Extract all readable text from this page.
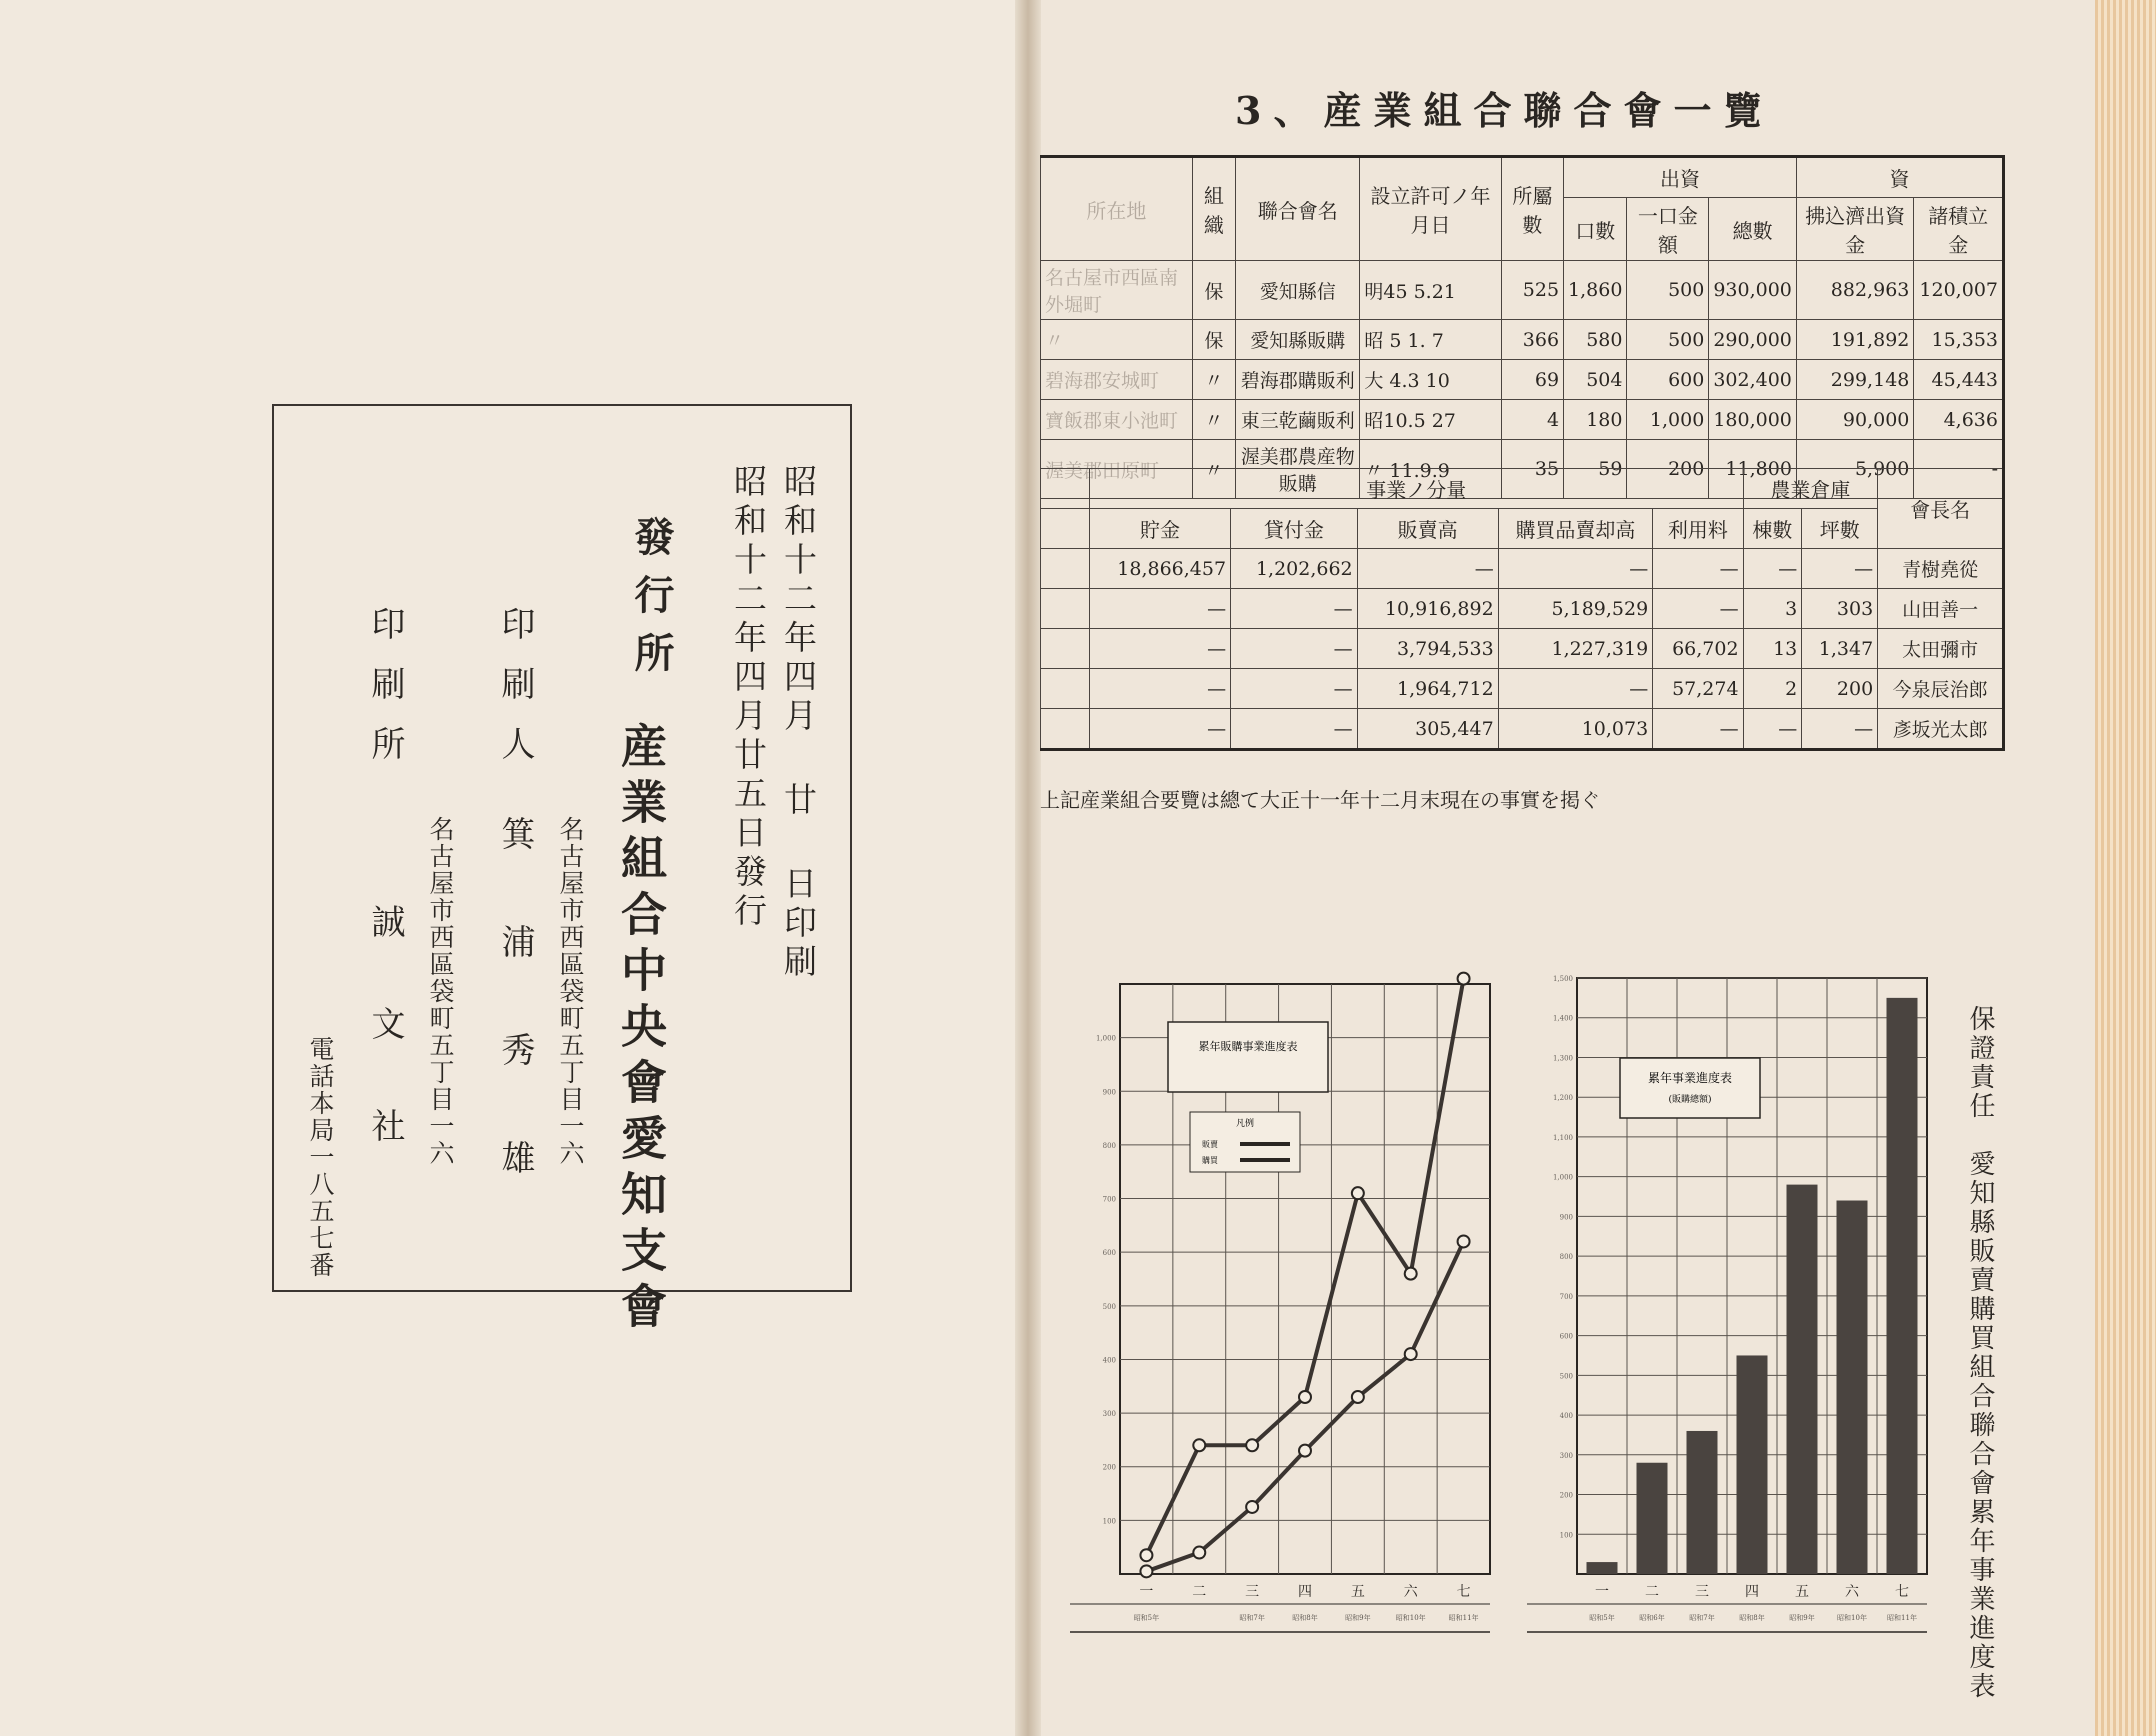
昭和十二年四月 廿 日印刷
昭和十二年四月廿五日發行
發行所
産業組合中央會愛知支會
名古屋市西區袋町五丁目一六
印刷人
箕浦秀雄
名古屋市西區袋町五丁目一六
印刷所
誠文社
電話本局一八五七番
3、産業組合聯合會一覽
所在地	組織	聯合會名	設立許可ノ年月日	所屬數	出資			資	
					口數	一口金額	總數	拂込濟出資金	諸積立金
名古屋市西區南外堀町	保	愛知縣信	明45 5.21	525	1,860	500	930,000	882,963	120,007
〃	保	愛知縣販購	昭 5 1. 7	366	580	500	290,000	191,892	15,353
碧海郡安城町	〃	碧海郡購販利	大 4.3 10	69	504	600	302,400	299,148	45,443
寶飯郡東小池町	〃	東三乾繭販利	昭10.5 27	4	180	1,000	180,000	90,000	4,636
渥美郡田原町	〃	渥美郡農産物販購	〃 11.9.9	35	59	200	11,800	5,900	-
	事業ノ分量					農業倉庫		會長名
	貯金	貸付金	販賣高	購買品賣却高	利用料	棟數	坪數	
	18,866,457	1,202,662	—	—	—	—	—	青樹堯從
	—	—	10,916,892	5,189,529	—	3	303	山田善一
	—	—	3,794,533	1,227,319	66,702	13	1,347	太田彌市
	—	—	1,964,712	—	57,274	2	200	今泉辰治郎
	—	—	305,447	10,073	—	—	—	彥坂光太郎
上記産業組合要覽は總て大正十一年十二月末現在の事實を掲ぐ
100
200
300
400
500
600
700
800
900
1,000
一
昭和5年
二	三
昭和7年
四
昭和8年
五
昭和9年
六
昭和10年
七
昭和11年
累年販購事業進度表
凡例
販賣
購買
100
200
300
400
500
600
700
800
900
1,000
1,100
1,200
1,300
1,400
1,500
一
昭和5年
二
昭和6年
三
昭和7年
四
昭和8年
五
昭和9年
六
昭和10年
七
昭和11年
累年事業進度表
(販購總額)	保證責任　愛知縣販賣購買組合聯合會累年事業進度表
